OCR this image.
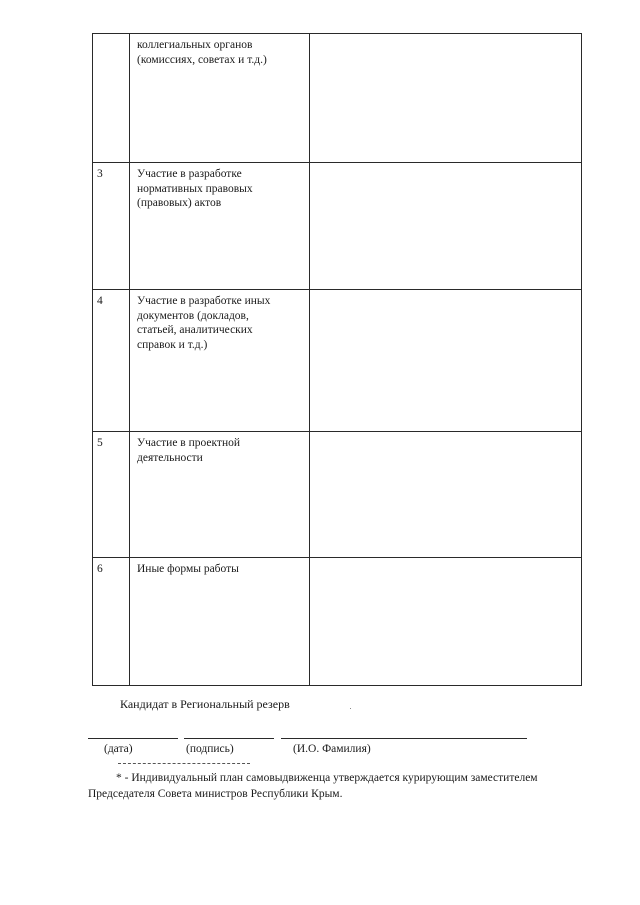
	коллегиальных органов
(комиссиях, советах и т.д.)	

3	Участие в разработке
нормативных правовых
(правовых) актов	

4	Участие в разработке иных
документов (докладов,
статьей, аналитических
справок и т.д.)	

5	Участие в проектной
деятельности	

6	Иные формы работы	

Кандидат в Региональный резерв
(дата)	(подпись)	(И.О. Фамилия)
* - Индивидуальный план самовыдвиженца утверждается курирующим заместителем Председателя Совета министров Республики Крым.
